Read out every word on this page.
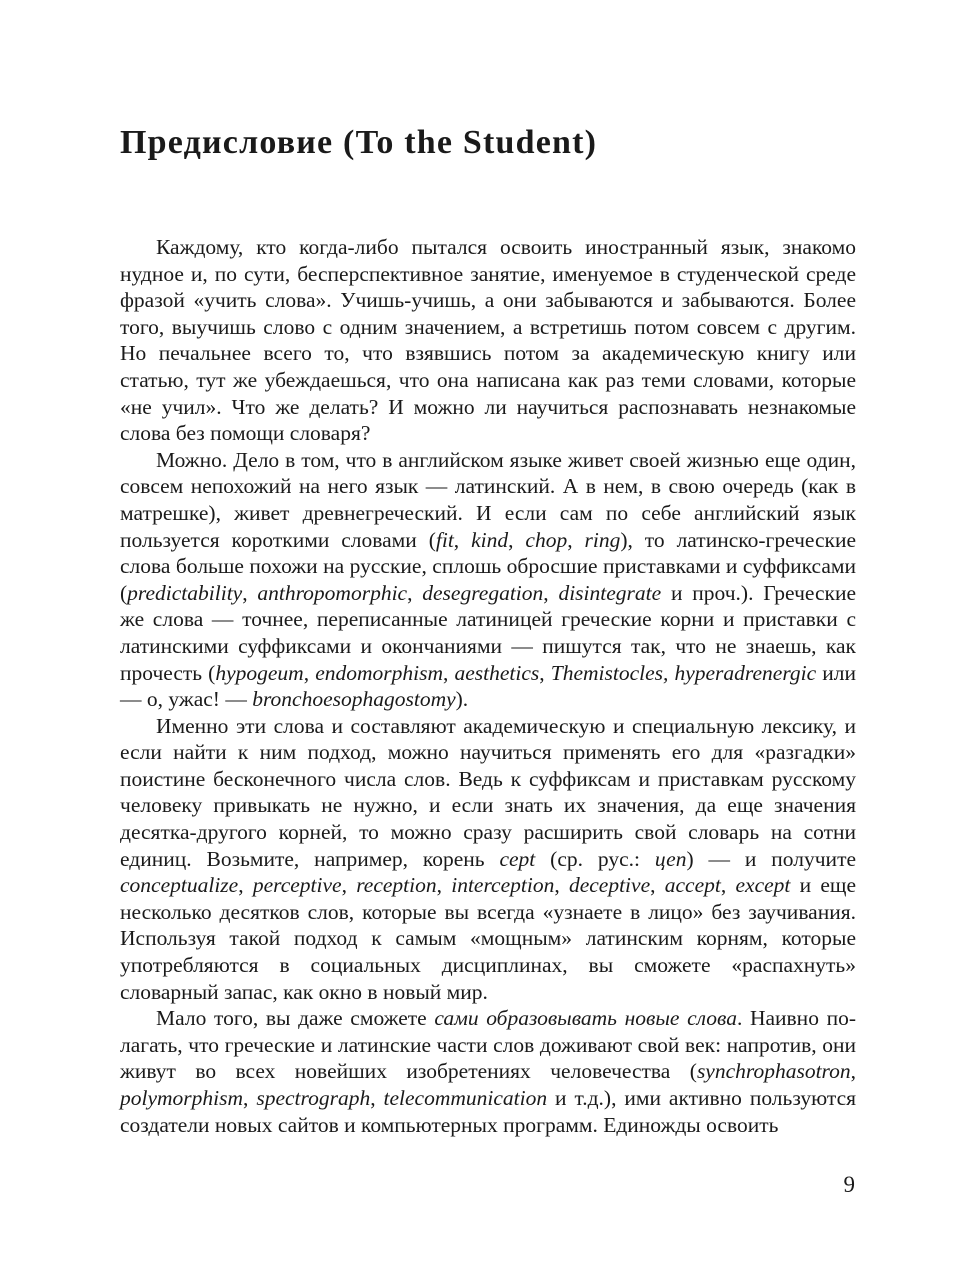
Предисловие (To the Student)

Каждому, кто когда-либо пытался освоить иностранный язык, знакомо нудное и, по сути, бесперспективное занятие, именуемое в студенческой среде фразой «учить слова». Учишь-учишь, а они забываются и забываются. Более того, выучишь слово с одним значением, а встретишь потом совсем с другим. Но печальнее всего то, что взявшись потом за академическую книгу или статью, тут же убеждаешься, что она написана как раз теми словами, которые «не учил». Что же делать? И можно ли научиться распознавать незнакомые слова без помощи словаря?

Можно. Дело в том, что в английском языке живет своей жизнью еще один, совсем непохожий на него язык — латинский. А в нем, в свою очередь (как в матрешке), живет древнегреческий. И если сам по себе английский язык пользуется короткими словами (fit, kind, chop, ring), то латинско-греческие слова больше похожи на русские, сплошь обросшие приставками и суффиксами (predictability, anthropomorphic, desegregation, disintegrate и проч.). Греческие же слова — точнее, переписанные латиницей греческие корни и приставки с латинскими суффиксами и окончаниями — пишутся так, что не знаешь, как прочесть (hypogeum, endomorphism, aesthetics, Themistocles, hyperadrenergic или — о, ужас! — bronchoesophagostomy).

Именно эти слова и составляют академическую и специальную лексику, и если найти к ним подход, можно научиться применять его для «разгадки» поистине бесконечного числа слов. Ведь к суффиксам и приставкам русскому человеку привыкать не нужно, и если знать их значения, да еще значения десятка-другого корней, то можно сразу расширить свой словарь на сотни единиц. Возьмите, например, корень cept (ср. рус.: цеп) — и получите conceptualize, perceptive, reception, interception, deceptive, accept, except и еще несколько десятков слов, которые вы всегда «узнаете в лицо» без заучивания. Используя такой подход к самым «мощным» латинским корням, которые употребляются в социальных дисциплинах, вы сможете «распахнуть» словарный запас, как окно в новый мир.

Мало того, вы даже сможете сами образовывать новые слова. Наивно полагать, что греческие и латинские части слов доживают свой век: напротив, они живут во всех новейших изобретениях человечества (synchrophasotron, polymorphism, spectrograph, telecommunication и т.д.), ими активно пользуются создатели новых сайтов и компьютерных программ. Единожды освоить

9
